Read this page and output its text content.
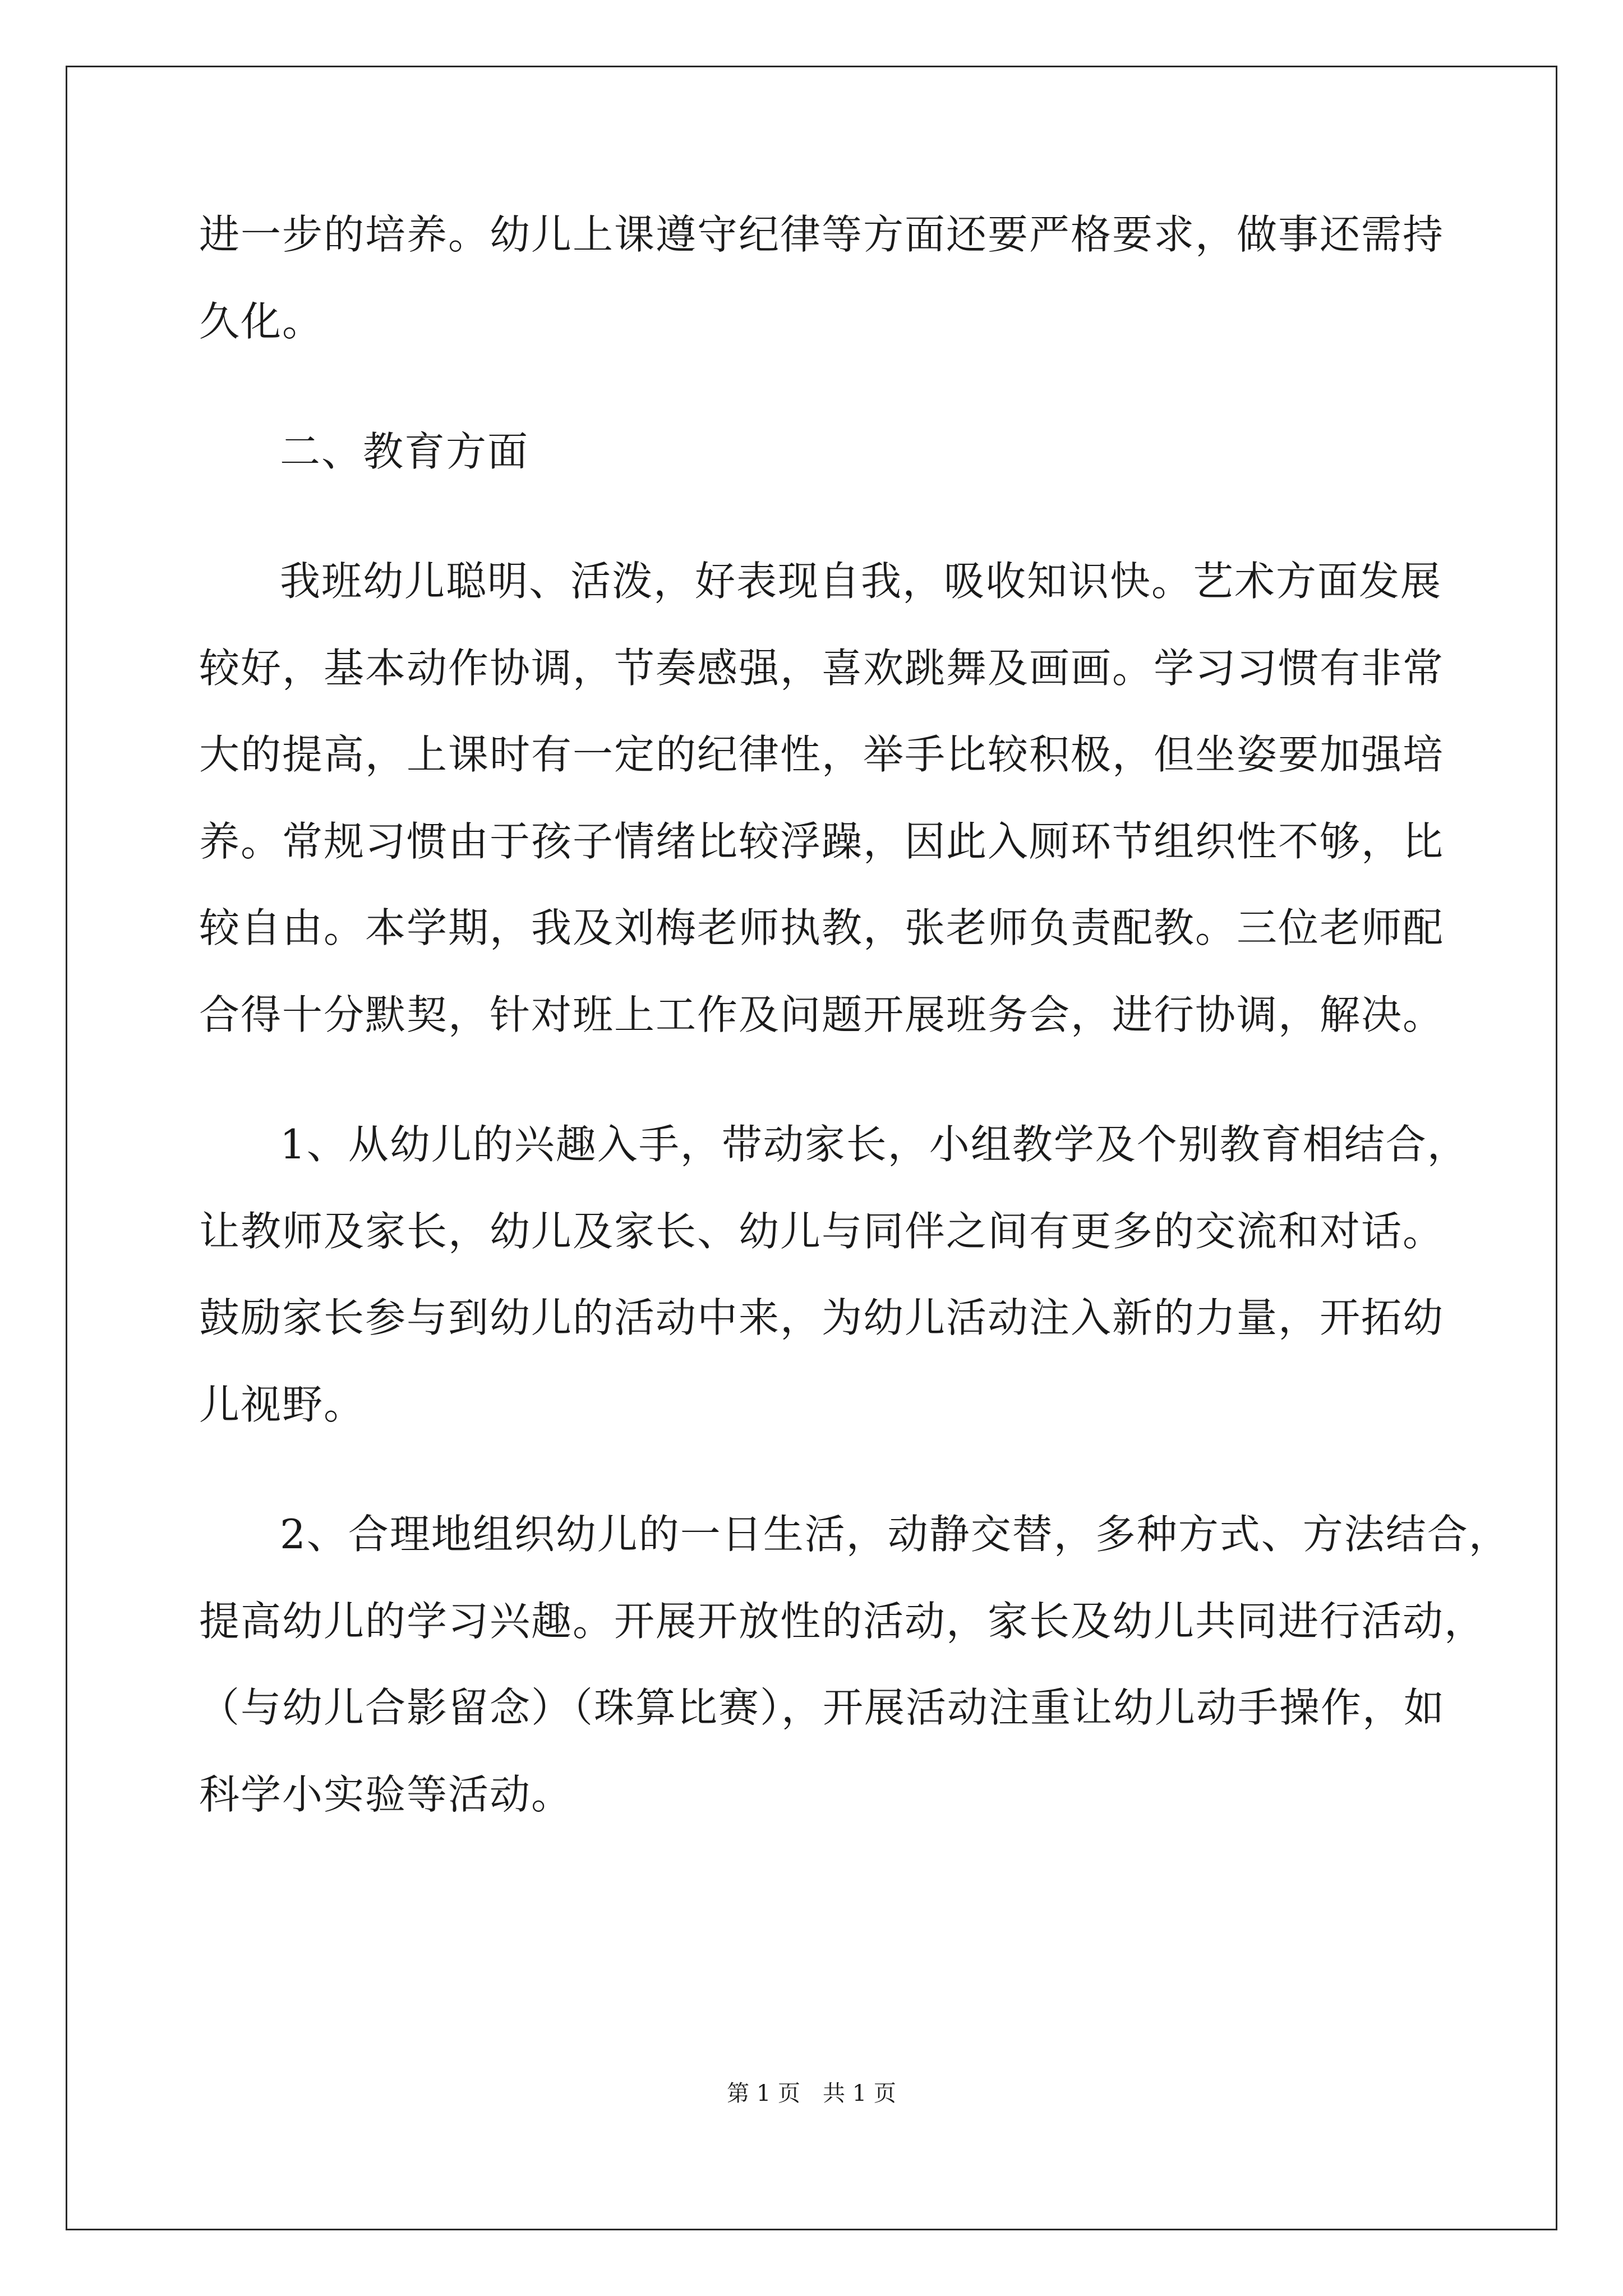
进一步的培养。幼儿上课遵守纪律等方面还要严格要求，做事还需持
久化。
二、教育方面
我班幼儿聪明、活泼，好表现自我，吸收知识快。艺术方面发展
较好，基本动作协调，节奏感强，喜欢跳舞及画画。学习习惯有非常
大的提高，上课时有一定的纪律性，举手比较积极，但坐姿要加强培
养。常规习惯由于孩子情绪比较浮躁，因此入厕环节组织性不够，比
较自由。本学期，我及刘梅老师执教，张老师负责配教。三位老师配
合得十分默契，针对班上工作及问题开展班务会，进行协调，解决。
1、从幼儿的兴趣入手，带动家长，小组教学及个别教育相结合，
让教师及家长，幼儿及家长、幼儿与同伴之间有更多的交流和对话。
鼓励家长参与到幼儿的活动中来，为幼儿活动注入新的力量，开拓幼
儿视野。
2、合理地组织幼儿的一日生活，动静交替，多种方式、方法结合，
提高幼儿的学习兴趣。开展开放性的活动，家长及幼儿共同进行活动，
（与幼儿合影留念）（珠算比赛），开展活动注重让幼儿动手操作，如
科学小实验等活动。
第 1 页　共 1 页
